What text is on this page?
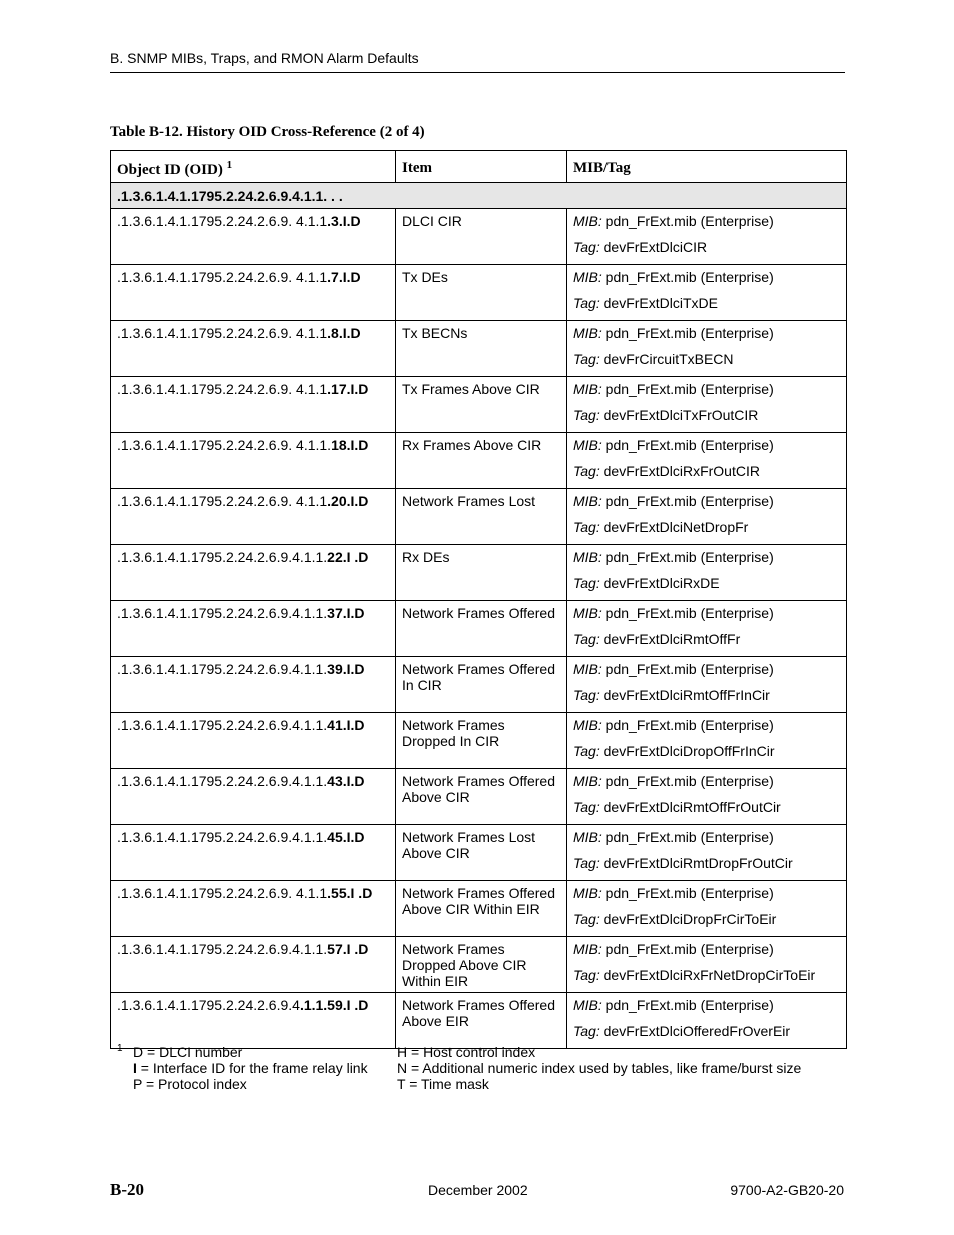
B. SNMP MIBs, Traps, and RMON Alarm Defaults
Table B-12. History OID Cross-Reference (2 of 4)
Object ID (OID) $^1$	Item	MIB/Tag
.1.3.6.1.4.1.1795.2.24.2.6.9.4.1.1. . .		
.1.3.6.1.4.1.1795.2.24.2.6.9. 4.1.1.3.I.D	DLCI CIR	MIB: pdn_FrExt.mib (Enterprise)
Tag: devFrExtDlciCIR

.1.3.6.1.4.1.1795.2.24.2.6.9. 4.1.1.7.I.D	Tx DEs	MIB: pdn_FrExt.mib (Enterprise)
Tag: devFrExtDlciTxDE

.1.3.6.1.4.1.1795.2.24.2.6.9. 4.1.1.8.I.D	Tx BECNs	MIB: pdn_FrExt.mib (Enterprise)
Tag: devFrCircuitTxBECN

.1.3.6.1.4.1.1795.2.24.2.6.9. 4.1.1.17.I.D	Tx Frames Above CIR	MIB: pdn_FrExt.mib (Enterprise)
Tag: devFrExtDlciTxFrOutCIR

.1.3.6.1.4.1.1795.2.24.2.6.9. 4.1.1.18.I.D	Rx Frames Above CIR	MIB: pdn_FrExt.mib (Enterprise)
Tag: devFrExtDlciRxFrOutCIR

.1.3.6.1.4.1.1795.2.24.2.6.9. 4.1.1.20.I.D	Network Frames Lost	MIB: pdn_FrExt.mib (Enterprise)
Tag: devFrExtDlciNetDropFr

.1.3.6.1.4.1.1795.2.24.2.6.9.4.1.1.22.I .D	Rx DEs	MIB: pdn_FrExt.mib (Enterprise)
Tag: devFrExtDlciRxDE

.1.3.6.1.4.1.1795.2.24.2.6.9.4.1.1.37.I.D	Network Frames Offered	MIB: pdn_FrExt.mib (Enterprise)
Tag: devFrExtDlciRmtOffFr

.1.3.6.1.4.1.1795.2.24.2.6.9.4.1.1.39.I.D	Network Frames Offered In CIR	MIB: pdn_FrExt.mib (Enterprise)
Tag: devFrExtDlciRmtOffFrInCir

.1.3.6.1.4.1.1795.2.24.2.6.9.4.1.1.41.I.D	Network Frames Dropped In CIR	MIB: pdn_FrExt.mib (Enterprise)
Tag: devFrExtDlciDropOffFrInCir

.1.3.6.1.4.1.1795.2.24.2.6.9.4.1.1.43.I.D	Network Frames Offered Above CIR	MIB: pdn_FrExt.mib (Enterprise)
Tag: devFrExtDlciRmtOffFrOutCir

.1.3.6.1.4.1.1795.2.24.2.6.9.4.1.1.45.I.D	Network Frames Lost Above CIR	MIB: pdn_FrExt.mib (Enterprise)
Tag: devFrExtDlciRmtDropFrOutCir

.1.3.6.1.4.1.1795.2.24.2.6.9. 4.1.1.55.I .D	Network Frames Offered Above CIR Within EIR	MIB: pdn_FrExt.mib (Enterprise)
Tag: devFrExtDlciDropFrCirToEir

.1.3.6.1.4.1.1795.2.24.2.6.9.4.1.1.57.I .D	Network Frames Dropped Above CIR Within EIR	MIB: pdn_FrExt.mib (Enterprise)
Tag: devFrExtDlciRxFrNetDropCirToEir

.1.3.6.1.4.1.1795.2.24.2.6.9.4.1.1.59.I .D	Network Frames Offered Above EIR	MIB: pdn_FrExt.mib (Enterprise)
Tag: devFrExtDlciOfferedFrOverEir
1 D = DLCI number
I = Interface ID for the frame relay link
P = Protocol index
H = Host control index
N = Additional numeric index used by tables, like frame/burst size
T = Time mask
B-20	December 2002	9700-A2-GB20-20
